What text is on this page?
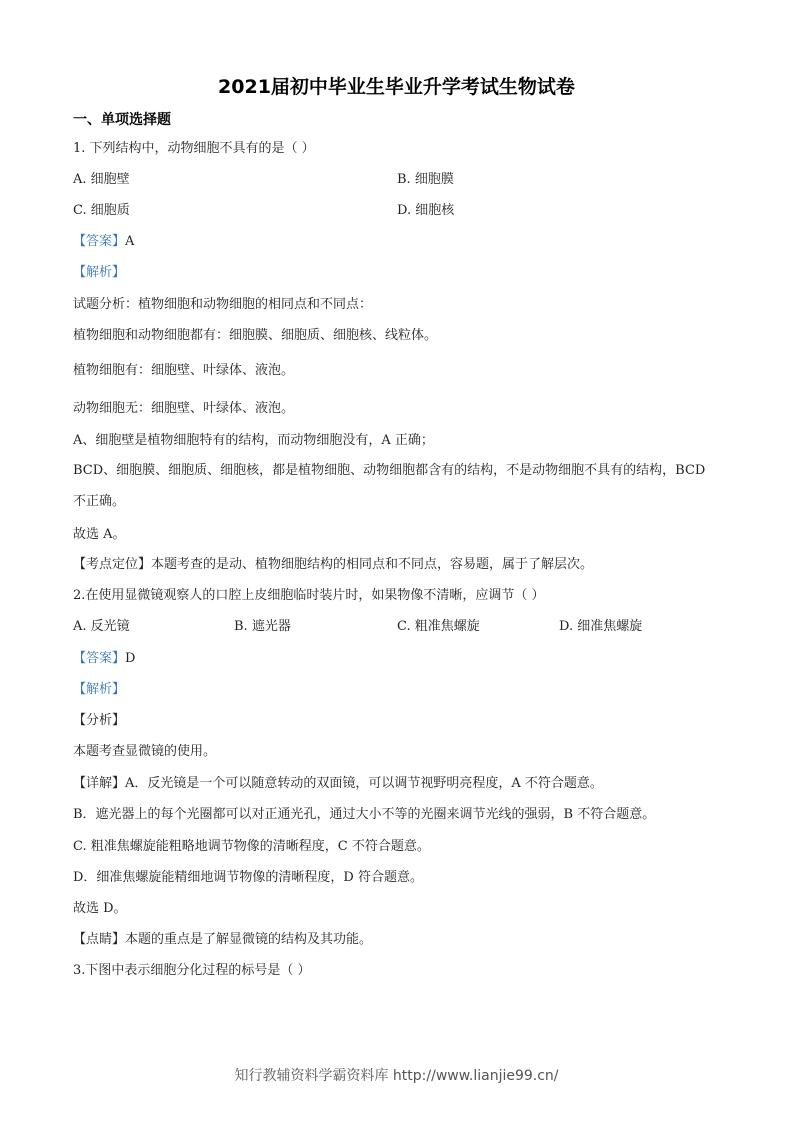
2021届初中毕业生毕业升学考试生物试卷
一、单项选择题
1. 下列结构中，动物细胞不具有的是（ ）
A. 细胞壁	B. 细胞膜
C. 细胞质	D. 细胞核
【答案】A
【解析】
试题分析：植物细胞和动物细胞的相同点和不同点：
植物细胞和动物细胞都有：细胞膜、细胞质、细胞核、线粒体。
植物细胞有：细胞壁、叶绿体、液泡。
动物细胞无：细胞壁、叶绿体、液泡。
A、细胞壁是植物细胞特有的结构，而动物细胞没有，A 正确；
BCD、细胞膜、细胞质、细胞核，都是植物细胞、动物细胞都含有的结构，不是动物细胞不具有的结构，BCD
不正确。
故选 A。
【考点定位】本题考查的是动、植物细胞结构的相同点和不同点，容易题，属于了解层次。
2.在使用显微镜观察人的口腔上皮细胞临时装片时，如果物像不清晰，应调节（ ）
A. 反光镜	B. 遮光器	C. 粗准焦螺旋	D. 细准焦螺旋
【答案】D
【解析】
【分析】
本题考查显微镜的使用。
【详解】A．反光镜是一个可以随意转动的双面镜，可以调节视野明亮程度，A 不符合题意。
B．遮光器上的每个光圈都可以对正通光孔，通过大小不等的光圈来调节光线的强弱，B 不符合题意。
C. 粗准焦螺旋能粗略地调节物像的清晰程度，C 不符合题意。
D．细准焦螺旋能精细地调节物像的清晰程度，D 符合题意。
故选 D。
【点睛】本题的重点是了解显微镜的结构及其功能。
3.下图中表示细胞分化过程的标号是（ ）
知行教辅资料学霸资料库 http://www.lianjie99.cn/
